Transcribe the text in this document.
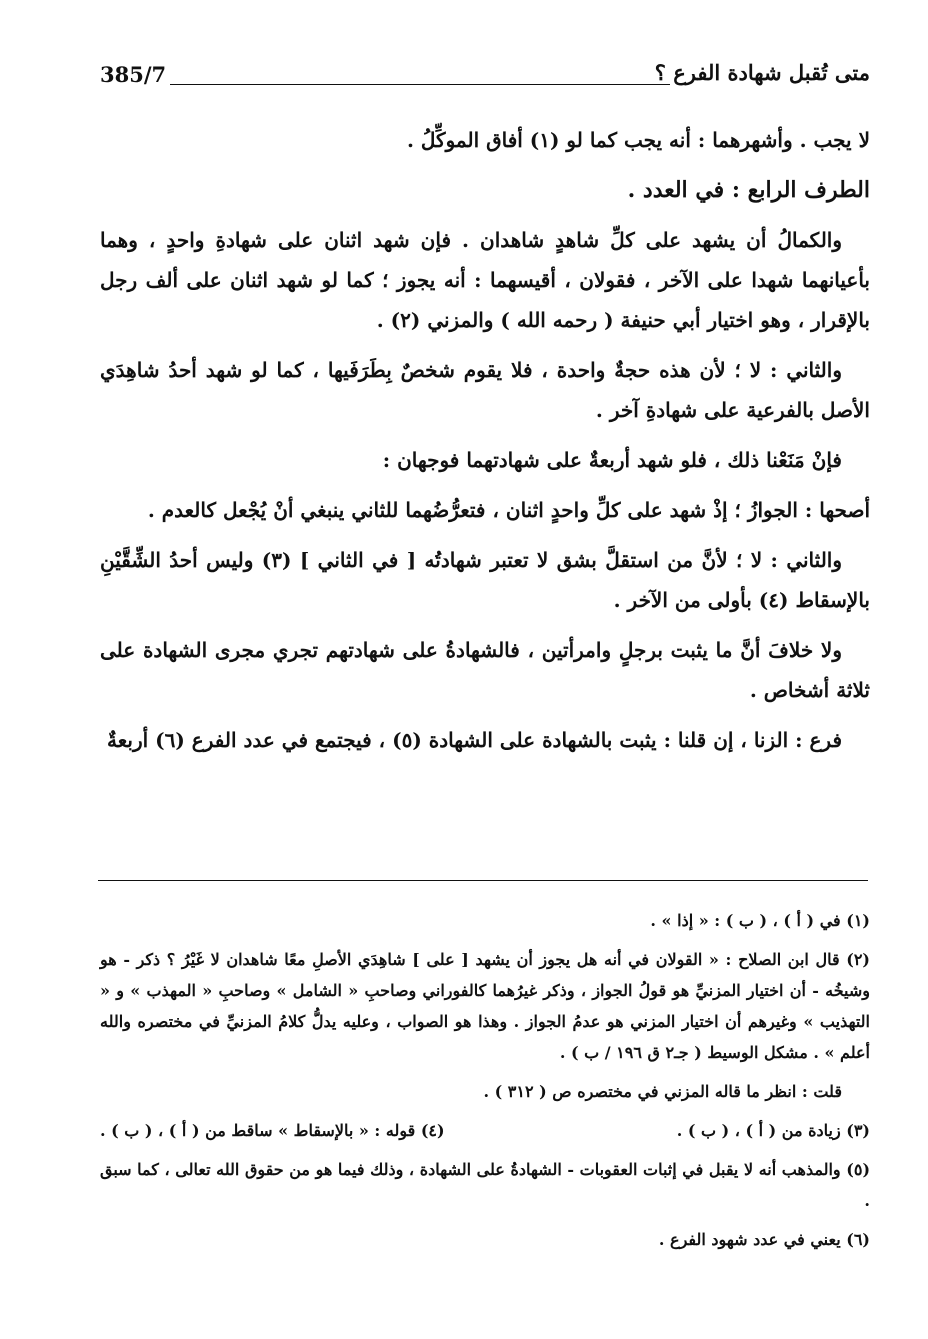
385/7	متى تُقبل شهادة الفرع ؟

لا يجب . وأشهرهما : أنه يجب كما لو (١) أفاق الموكِّلُ .

الطرف الرابع : في العدد .

والكمالُ أن يشهد على كلِّ شاهدٍ شاهدان . فإن شهد اثنان على شهادةِ واحدٍ ، وهما بأعيانهما شهدا على الآخر ، فقولان ، أقيسهما : أنه يجوز ؛ كما لو شهد اثنان على ألف رجل بالإقرار ، وهو اختيار أبي حنيفة ( رحمه الله ) والمزني (٢) .

والثاني : لا ؛ لأن هذه حجةٌ واحدة ، فلا يقوم شخصٌ بِطَرَفَيها ، كما لو شهد أحدُ شاهِدَي الأصل بالفرعية على شهادةِ آخر .

فإنْ مَنَعْنا ذلك ، فلو شهد أربعةٌ على شهادتهما فوجهان :

أصحها : الجوازُ ؛ إذْ شهد على كلِّ واحدٍ اثنان ، فتعرُّضُهما للثاني ينبغي أنْ يُجْعل كالعدم .

والثاني : لا ؛ لأنَّ من استقلَّ بشق لا تعتبر شهادتُه [ في الثاني ] (٣) وليس أحدُ الشِّقَّيْنِ بالإسقاط (٤) بأولى من الآخر .

ولا خلافَ أنَّ ما يثبت برجلٍ وامرأتين ، فالشهادةُ على شهادتهم تجري مجرى الشهادة على ثلاثة أشخاص .

فرع : الزنا ، إن قلنا : يثبت بالشهادة على الشهادة (٥) ، فيجتمع في عدد الفرع (٦) أربعةٌ

(١) في ( أ ) ، ( ب ) : « إذا » .

(٢) قال ابن الصلاح : « القولان في أنه هل يجوز أن يشهد [ على ] شاهِدَي الأصلِ معًا شاهدان لا غَيْرُ ؟ ذكر - هو وشيخُه - أن اختيار المزنيِّ هو قولُ الجواز ، وذكر غيرُهما كالفوراني وصاحبِ « الشامل » وصاحبِ « المهذب » و « التهذيب » وغيرهم أن اختيار المزني هو عدمُ الجواز . وهذا هو الصواب ، وعليه يدلُّ كلامُ المزنيِّ في مختصره والله أعلم » . مشكل الوسيط ( جـ٢ ق ١٩٦ / ب ) .

قلت : انظر ما قاله المزني في مختصره ص ( ٣١٢ ) .

(٣) زيادة من ( أ ) ، ( ب ) .
(٤) قوله : « بالإسقاط » ساقط من ( أ ) ، ( ب ) .

(٥) والمذهب أنه لا يقبل في إثبات العقوبات - الشهادةُ على الشهادة ، وذلك فيما هو من حقوق الله تعالى ، كما سبق .

(٦) يعني في عدد شهود الفرع .
